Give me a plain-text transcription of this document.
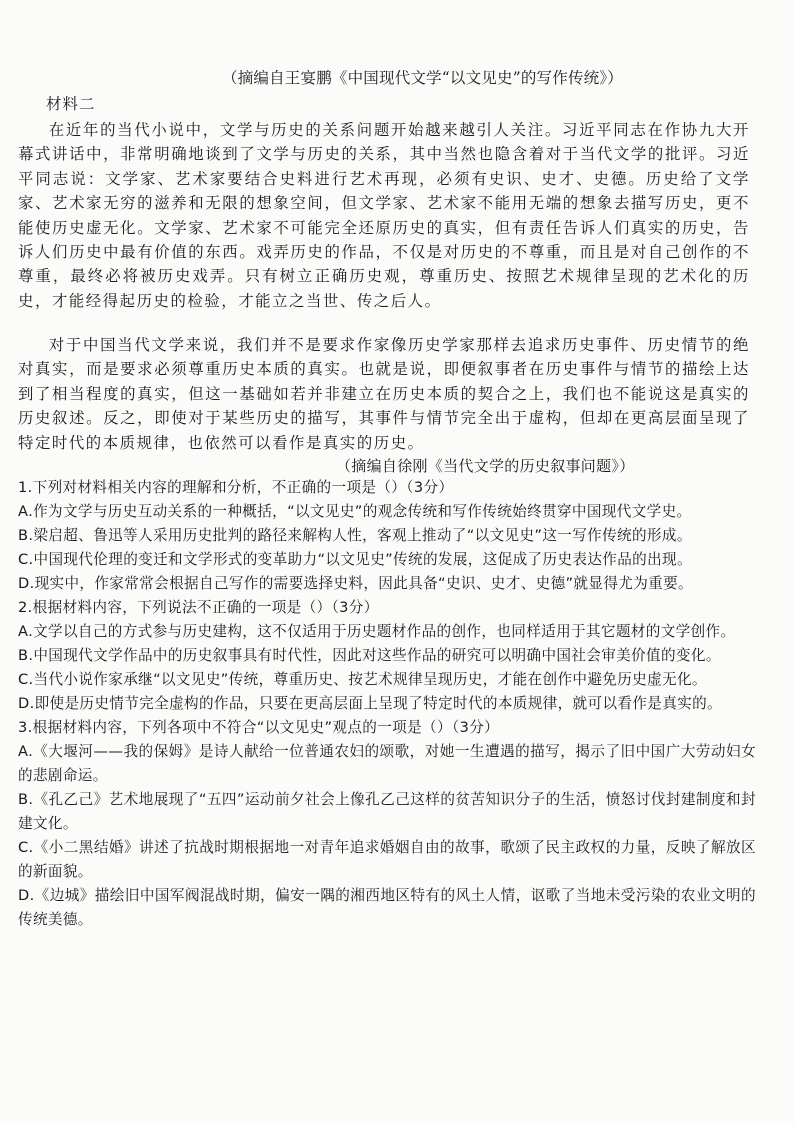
（摘编自王宴鹏《中国现代文学“以文见史”的写作传统》）
材料二

在近年的当代小说中，文学与历史的关系问题开始越来越引人关注。习近平同志在作协九大开幕式讲话中，非常明确地谈到了文学与历史的关系，其中当然也隐含着对于当代文学的批评。习近平同志说：文学家、艺术家要结合史料进行艺术再现，必须有史识、史才、史德。历史给了文学家、艺术家无穷的滋养和无限的想象空间，但文学家、艺术家不能用无端的想象去描写历史，更不能使历史虚无化。文学家、艺术家不可能完全还原历史的真实，但有责任告诉人们真实的历史，告诉人们历史中最有价值的东西。戏弄历史的作品，不仅是对历史的不尊重，而且是对自己创作的不尊重，最终必将被历史戏弄。只有树立正确历史观，尊重历史、按照艺术规律呈现的艺术化的历史，才能经得起历史的检验，才能立之当世、传之后人。

对于中国当代文学来说，我们并不是要求作家像历史学家那样去追求历史事件、历史情节的绝对真实，而是要求必须尊重历史本质的真实。也就是说，即便叙事者在历史事件与情节的描绘上达到了相当程度的真实，但这一基础如若并非建立在历史本质的契合之上，我们也不能说这是真实的历史叙述。反之，即使对于某些历史的描写，其事件与情节完全出于虚构，但却在更高层面呈现了特定时代的本质规律，也依然可以看作是真实的历史。

（摘编自徐刚《当代文学的历史叙事问题》）

1.下列对材料相关内容的理解和分析，不正确的一项是（）（3分）

A.作为文学与历史互动关系的一种概括，“以文见史”的观念传统和写作传统始终贯穿中国现代文学史。

B.梁启超、鲁迅等人采用历史批判的路径来解构人性，客观上推动了“以文见史”这一写作传统的形成。

C.中国现代伦理的变迁和文学形式的变革助力“以文见史”传统的发展，这促成了历史表达作品的出现。

D.现实中，作家常常会根据自己写作的需要选择史料，因此具备“史识、史才、史德”就显得尤为重要。

2.根据材料内容，下列说法不正确的一项是（）（3分）

A.文学以自己的方式参与历史建构，这不仅适用于历史题材作品的创作，也同样适用于其它题材的文学创作。

B.中国现代文学作品中的历史叙事具有时代性，因此对这些作品的研究可以明确中国社会审美价值的变化。

C.当代小说作家承继“以文见史”传统，尊重历史、按艺术规律呈现历史，才能在创作中避免历史虚无化。

D.即使是历史情节完全虚构的作品，只要在更高层面上呈现了特定时代的本质规律，就可以看作是真实的。

3.根据材料内容，下列各项中不符合“以文见史”观点的一项是（）（3分）

A.《大堰河——我的保姆》是诗人献给一位普通农妇的颂歌，对她一生遭遇的描写，揭示了旧中国广大劳动妇女的悲剧命运。

B.《孔乙己》艺术地展现了“五四”运动前夕社会上像孔乙己这样的贫苦知识分子的生活，愤怒讨伐封建制度和封建文化。

C.《小二黑结婚》讲述了抗战时期根据地一对青年追求婚姻自由的故事，歌颂了民主政权的力量，反映了解放区的新面貌。

D.《边城》描绘旧中国军阀混战时期，偏安一隅的湘西地区特有的风土人情，讴歌了当地未受污染的农业文明的传统美德。
